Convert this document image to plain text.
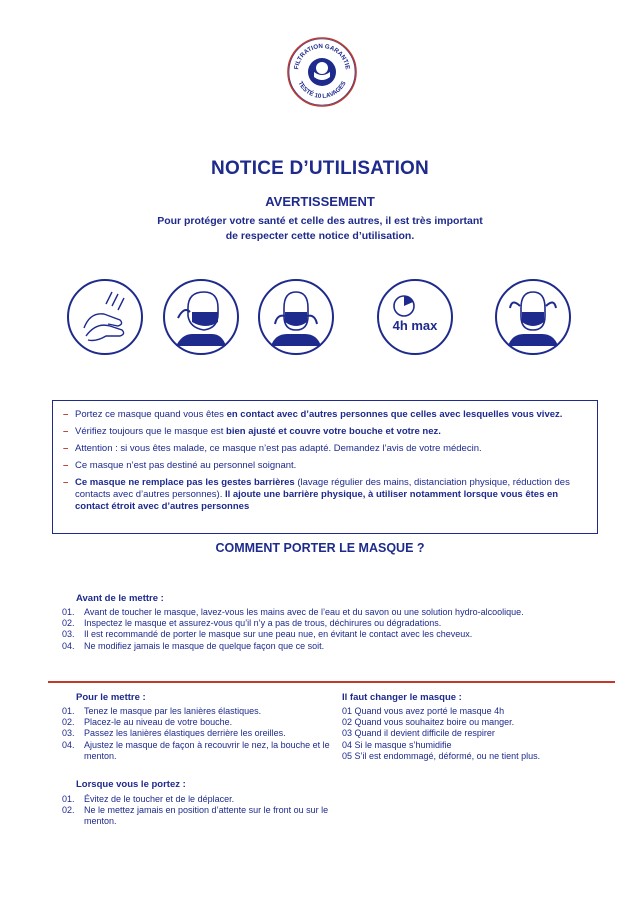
FILTRATION GARANTIE
TESTÉ 10 LAVAGES
NOTICE D’UTILISATION
AVERTISSEMENT
Pour protéger votre santé et celle des autres, il est très important
de respecter cette notice d’utilisation.
4h max
– Portez ce masque quand vous êtes en contact avec d’autres personnes que celles avec lesquelles vous vivez.
– Vérifiez toujours que le masque est bien ajusté et couvre votre bouche et votre nez.
– Attention : si vous êtes malade, ce masque n’est pas adapté. Demandez l’avis de votre médecin.
– Ce masque n’est pas destiné au personnel soignant.
– Ce masque ne remplace pas les gestes barrières (lavage régulier des mains, distanciation physique, réduction des contacts avec d’autres personnes). Il ajoute une barrière physique, à utiliser notamment lorsque vous êtes en contact étroit avec d’autres personnes
COMMENT PORTER LE MASQUE ?
Avant de le mettre :
01. Avant de toucher le masque, lavez-vous les mains avec de l’eau et du savon ou une solution hydro-alcoolique.
02. Inspectez le masque et assurez-vous qu’il n’y a pas de trous, déchirures ou dégradations.
03. Il est recommandé de porter le masque sur une peau nue, en évitant le contact avec les cheveux.
04. Ne modifiez jamais le masque de quelque façon que ce soit.
Pour le mettre :
01. Tenez le masque par les lanières élastiques.
02. Placez-le au niveau de votre bouche.
03. Passez les lanières élastiques derrière les oreilles.
04. Ajustez le masque de façon à recouvrir le nez, la bouche et le menton.
Il faut changer le masque :
01 Quand vous avez porté le masque 4h
02 Quand vous souhaitez boire ou manger.
03 Quand il devient difficile de respirer
04 Si le masque s’humidifie
05 S’il est endommagé, déformé, ou ne tient plus.
Lorsque vous le portez :
01. Évitez de le toucher et de le déplacer.
02. Ne le mettez jamais en position d’attente sur le front ou sur le menton.
